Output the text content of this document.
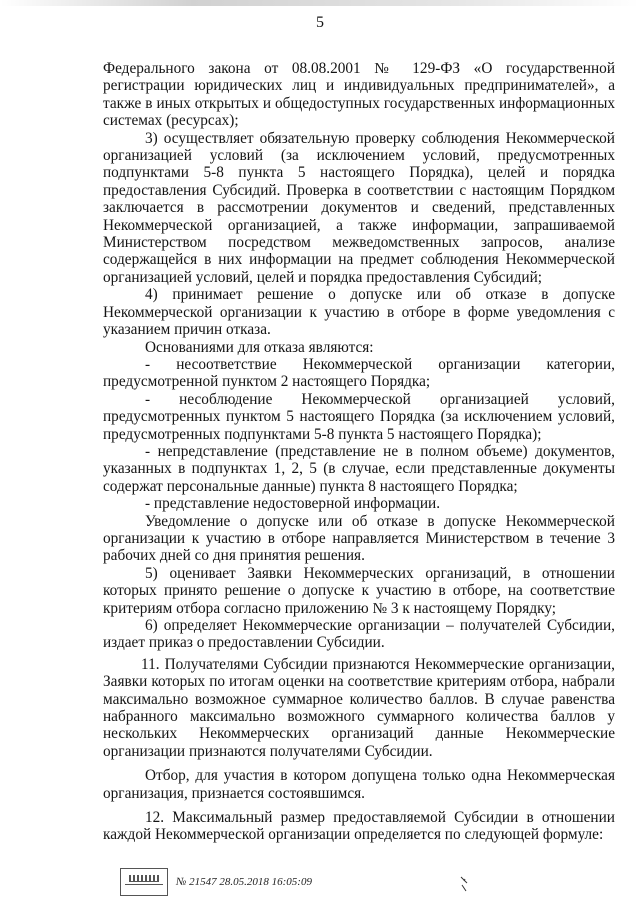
5

Федерального закона от 08.08.2001 № 129-ФЗ «О государственной регистрации юридических лиц и индивидуальных предпринимателей», а также в иных открытых и общедоступных государственных информационных системах (ресурсах);

3) осуществляет обязательную проверку соблюдения Некоммерческой организацией условий (за исключением условий, предусмотренных подпунктами 5-8 пункта 5 настоящего Порядка), целей и порядка предоставления Субсидий. Проверка в соответствии с настоящим Порядком заключается в рассмотрении документов и сведений, представленных Некоммерческой организацией, а также информации, запрашиваемой Министерством посредством межведомственных запросов, анализе содержащейся в них информации на предмет соблюдения Некоммерческой организацией условий, целей и порядка предоставления Субсидий;

4) принимает решение о допуске или об отказе в допуске Некоммерческой организации к участию в отборе в форме уведомления с указанием причин отказа.

Основаниями для отказа являются:

- несоответствие Некоммерческой организации категории, предусмотренной пунктом 2 настоящего Порядка;

- несоблюдение Некоммерческой организацией условий, предусмотренных пунктом 5 настоящего Порядка (за исключением условий, предусмотренных подпунктами 5-8 пункта 5 настоящего Порядка);

- непредставление (представление не в полном объеме) документов, указанных в подпунктах 1, 2, 5 (в случае, если представленные документы содержат персональные данные) пункта 8 настоящего Порядка;

- представление недостоверной информации.

Уведомление о допуске или об отказе в допуске Некоммерческой организации к участию в отборе направляется Министерством в течение 3 рабочих дней со дня принятия решения.

5) оценивает Заявки Некоммерческих организаций, в отношении которых принято решение о допуске к участию в отборе, на соответствие критериям отбора согласно приложению № 3 к настоящему Порядку;

6) определяет Некоммерческие организации – получателей Субсидии, издает приказ о предоставлении Субсидии.

11. Получателями Субсидии признаются Некоммерческие организации, Заявки которых по итогам оценки на соответствие критериям отбора, набрали максимально возможное суммарное количество баллов. В случае равенства набранного максимально возможного суммарного количества баллов у нескольких Некоммерческих организаций данные Некоммерческие организации признаются получателями Субсидии.

Отбор, для участия в котором допущена только одна Некоммерческая организация, признается состоявшимся.

12. Максимальный размер предоставляемой Субсидии в отношении каждой Некоммерческой организации определяется по следующей формуле:

№ 21547 28.05.2018 16:05:09
